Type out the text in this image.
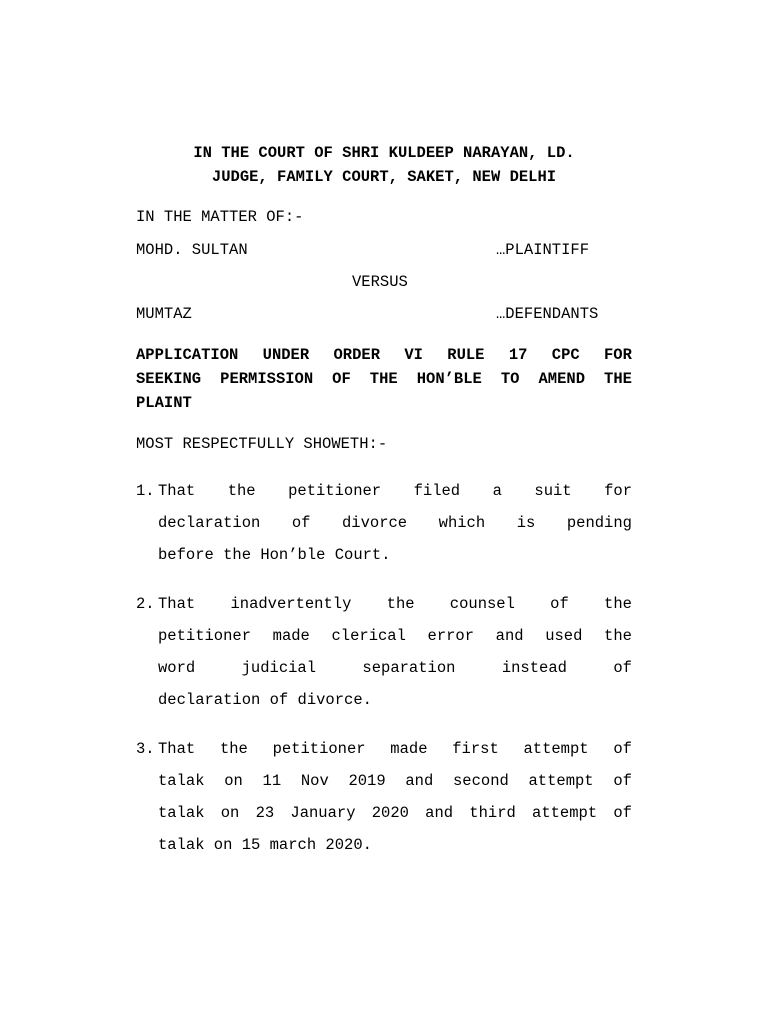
IN THE COURT OF SHRI KULDEEP NARAYAN, LD.
JUDGE, FAMILY COURT, SAKET, NEW DELHI
IN THE MATTER OF:-
MOHD. SULTAN	…PLAINTIFF
VERSUS
MUMTAZ	…DEFENDANTS
APPLICATION UNDER ORDER VI RULE 17 CPC FOR
SEEKING PERMISSION OF THE HON’BLE TO AMEND THE
PLAINT
MOST RESPECTFULLY SHOWETH:-
1. That the petitioner filed a suit for
declaration of divorce which is pending
before the Hon’ble Court.
2. That inadvertently the counsel of the
petitioner made clerical error and used the
word	judicial	separation	instead	of
declaration of divorce.
3. That the petitioner made first attempt of
talak on 11 Nov 2019 and second attempt of
talak on 23 January 2020 and third attempt of
talak on 15 march 2020.
